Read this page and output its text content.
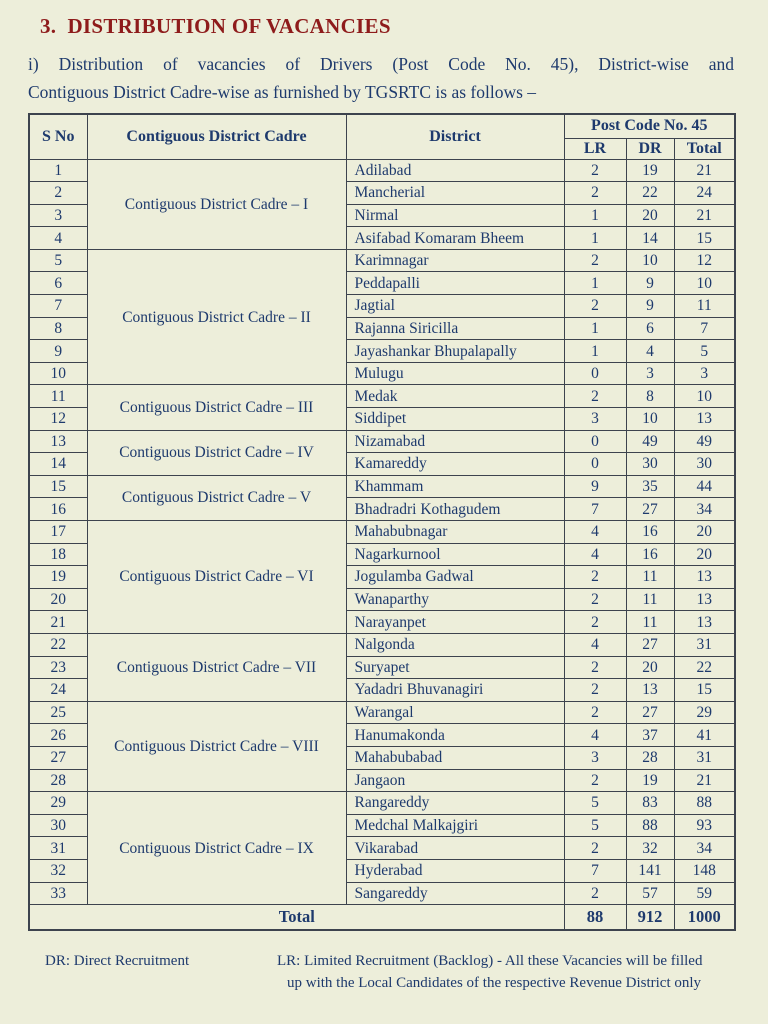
3.  DISTRIBUTION OF VACANCIES
i) Distribution of vacancies of Drivers (Post Code No. 45), District-wise and
Contiguous District Cadre-wise as furnished by TGSRTC is as follows –
S No	Contiguous District Cadre	District	Post Code No. 45		
			LR	DR	Total
1	Contiguous District Cadre – I	Adilabad	2	19	21
2		Mancherial	2	22	24
3		Nirmal	1	20	21
4		Asifabad Komaram Bheem	1	14	15
5	Contiguous District Cadre – II	Karimnagar	2	10	12
6		Peddapalli	1	9	10
7		Jagtial	2	9	11
8		Rajanna Siricilla	1	6	7
9		Jayashankar Bhupalapally	1	4	5
10		Mulugu	0	3	3
11	Contiguous District Cadre – III	Medak	2	8	10
12		Siddipet	3	10	13
13	Contiguous District Cadre – IV	Nizamabad	0	49	49
14		Kamareddy	0	30	30
15	Contiguous District Cadre – V	Khammam	9	35	44
16		Bhadradri Kothagudem	7	27	34
17	Contiguous District Cadre – VI	Mahabubnagar	4	16	20
18		Nagarkurnool	4	16	20
19		Jogulamba Gadwal	2	11	13
20		Wanaparthy	2	11	13
21		Narayanpet	2	11	13
22	Contiguous District Cadre – VII	Nalgonda	4	27	31
23		Suryapet	2	20	22
24		Yadadri Bhuvanagiri	2	13	15
25	Contiguous District Cadre – VIII	Warangal	2	27	29
26		Hanumakonda	4	37	41
27		Mahabubabad	3	28	31
28		Jangaon	2	19	21
29	Contiguous District Cadre – IX	Rangareddy	5	83	88
30		Medchal Malkajgiri	5	88	93
31		Vikarabad	2	32	34
32		Hyderabad	7	141	148
33		Sangareddy	2	57	59
Total			88	912	1000
DR: Direct Recruitment	LR: Limited Recruitment (Backlog) - All these Vacancies will be filled
up with the Local Candidates of the respective Revenue District only
